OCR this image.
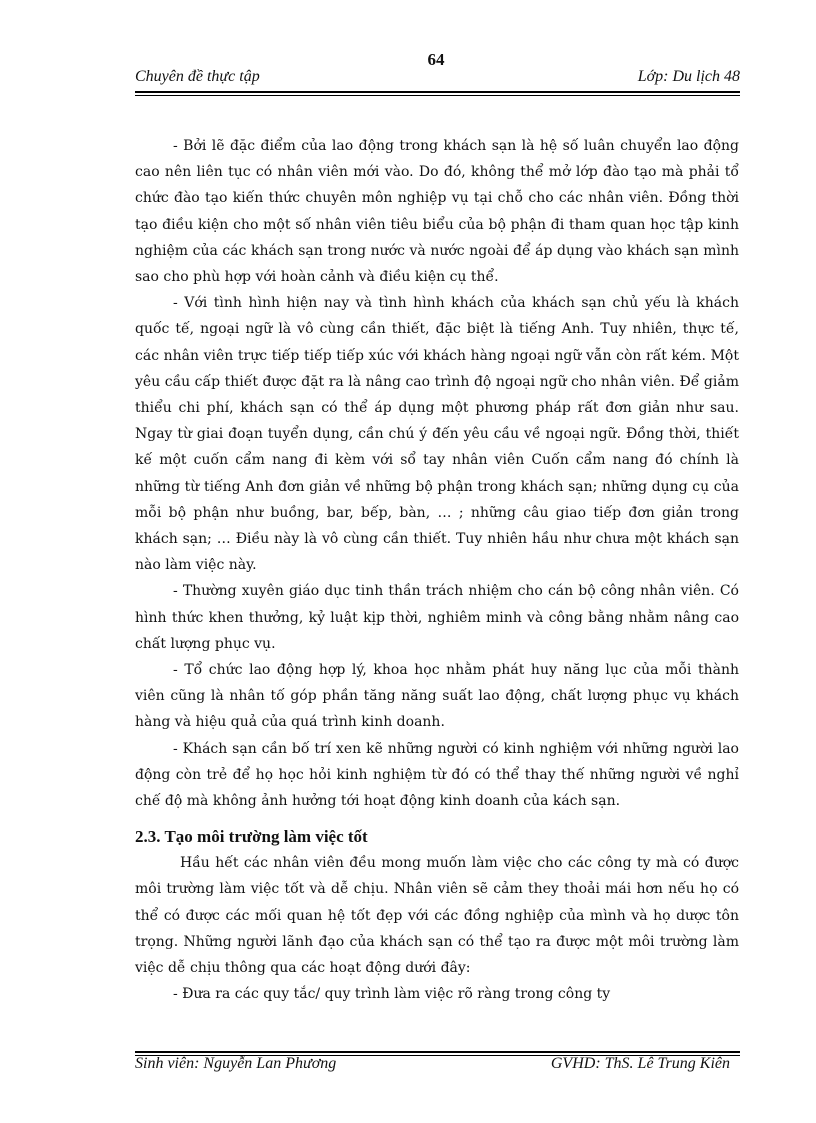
64
Chuyên đề thực tập	Lớp: Du lịch 48

- Bởi lẽ đặc điểm của lao động trong khách sạn là hệ số luân chuyển lao động cao nên liên tục có nhân viên mới vào. Do đó, không thể mở lớp đào tạo mà phải tổ chức đào tạo kiến thức chuyên môn nghiệp vụ tại chỗ cho các nhân viên. Đồng thời tạo điều kiện cho một số nhân viên tiêu biểu của bộ phận đi tham quan học tập kinh nghiệm của các khách sạn trong nước và nước ngoài để áp dụng vào khách sạn mình sao cho phù hợp với hoàn cảnh và điều kiện cụ thể.

- Với tình hình hiện nay và tình hình khách của khách sạn chủ yếu là khách quốc tế, ngoại ngữ là vô cùng cần thiết, đặc biệt là tiếng Anh. Tuy nhiên, thực tế, các nhân viên trực tiếp tiếp tiếp xúc với khách hàng ngoại ngữ vẫn còn rất kém. Một yêu cầu cấp thiết được đặt ra là nâng cao trình độ ngoại ngữ cho nhân viên. Để giảm thiểu chi phí, khách sạn có thể áp dụng một phương pháp rất đơn giản như sau. Ngay từ giai đoạn tuyển dụng, cần chú ý đến yêu cầu về ngoại ngữ. Đồng thời, thiết kế một cuốn cẩm nang đi kèm với sổ tay nhân viên Cuốn cẩm nang đó chính là những từ tiếng Anh đơn giản về những bộ phận trong khách sạn; những dụng cụ của mỗi bộ phận như buồng, bar, bếp, bàn, … ; những câu giao tiếp đơn giản trong khách sạn; … Điều này là vô cùng cần thiết. Tuy nhiên hầu như chưa một khách sạn nào làm việc này.

- Thường xuyên giáo dục tinh thần trách nhiệm cho cán bộ công nhân viên. Có hình thức khen thưởng, kỷ luật kịp thời, nghiêm minh và công bằng nhằm nâng cao chất lượng phục vụ.

- Tổ chức lao động hợp lý, khoa học nhằm phát huy năng lục của mỗi thành viên cũng là nhân tố góp phần tăng năng suất lao động, chất lượng phục vụ khách hàng và hiệu quả của quá trình kinh doanh.

- Khách sạn cần bố trí xen kẽ những người có kinh nghiệm với những người lao động còn trẻ để họ học hỏi kinh nghiệm từ đó có thể thay thế những người về nghỉ chế độ mà không ảnh hưởng tới hoạt động kinh doanh của kách sạn.

2.3. Tạo môi trường làm việc tốt

Hầu hết các nhân viên đều mong muốn làm việc cho các công ty mà có được môi trường làm việc tốt và dễ chịu. Nhân viên sẽ cảm they thoải mái hơn nếu họ có thể có được các mối quan hệ tốt đẹp với các đồng nghiệp của mình và họ dược tôn trọng. Những người lãnh đạo của khách sạn có thể tạo ra được một môi trường làm việc dễ chịu thông qua các hoạt động dưới đây:

- Đưa ra các quy tắc/ quy trình làm việc rõ ràng trong công ty

Sinh viên: Nguyễn Lan Phương	GVHD: ThS. Lê Trung Kiên
